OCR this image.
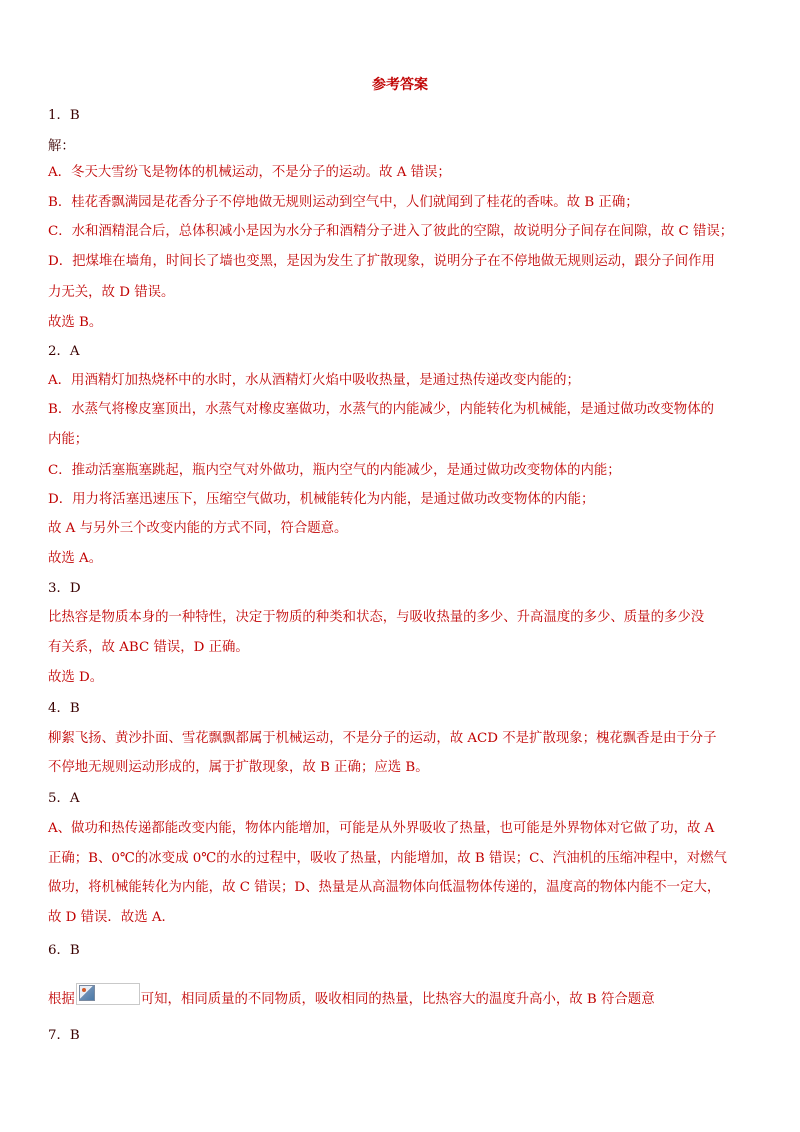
参考答案
1．B
解：
A．冬天大雪纷飞是物体的机械运动，不是分子的运动。故 A 错误；
B．桂花香飘满园是花香分子不停地做无规则运动到空气中，人们就闻到了桂花的香味。故 B 正确；
C．水和酒精混合后，总体积减小是因为水分子和酒精分子进入了彼此的空隙，故说明分子间存在间隙，故 C 错误；
D．把煤堆在墙角，时间长了墙也变黑，是因为发生了扩散现象，说明分子在不停地做无规则运动，跟分子间作用
力无关，故 D 错误。
故选 B。
2．A
A．用酒精灯加热烧杯中的水时，水从酒精灯火焰中吸收热量，是通过热传递改变内能的；
B．水蒸气将橡皮塞顶出，水蒸气对橡皮塞做功，水蒸气的内能减少，内能转化为机械能，是通过做功改变物体的
内能；
C．推动活塞瓶塞跳起，瓶内空气对外做功，瓶内空气的内能减少，是通过做功改变物体的内能；
D．用力将活塞迅速压下，压缩空气做功，机械能转化为内能，是通过做功改变物体的内能；
故 A 与另外三个改变内能的方式不同，符合题意。
故选 A。
3．D
比热容是物质本身的一种特性，决定于物质的种类和状态，与吸收热量的多少、升高温度的多少、质量的多少没
有关系，故 ABC 错误，D 正确。
故选 D。
4．B
柳絮飞扬、黄沙扑面、雪花飘飘都属于机械运动，不是分子的运动，故 ACD 不是扩散现象；槐花飘香是由于分子
不停地无规则运动形成的，属于扩散现象，故 B 正确；应选 B。
5．A
A、做功和热传递都能改变内能，物体内能增加，可能是从外界吸收了热量，也可能是外界物体对它做了功，故 A
正确；B、0℃的冰变成 0℃的水的过程中，吸收了热量，内能增加，故 B 错误；C、汽油机的压缩冲程中，对燃气
做功，将机械能转化为内能，故 C 错误；D、热量是从高温物体向低温物体传递的，温度高的物体内能不一定大，
故 D 错误．故选 A．
6．B
根据	可知，相同质量的不同物质，吸收相同的热量，比热容大的温度升高小，故 B 符合题意
7．B
